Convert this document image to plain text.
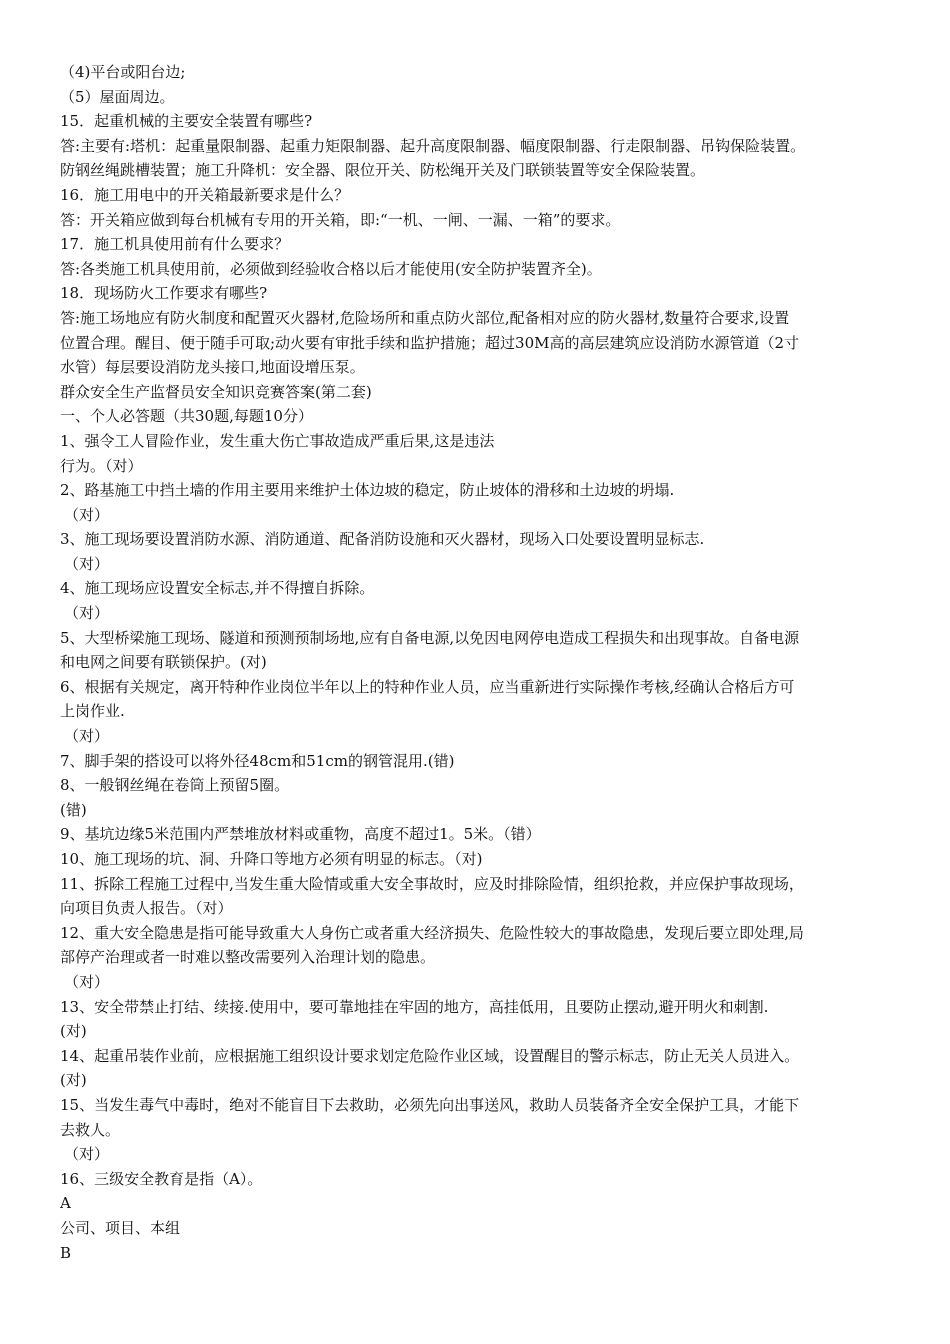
（4)平台或阳台边;
（5）屋面周边。
15．起重机械的主要安全装置有哪些?
答:主要有:塔机：起重量限制器、起重力矩限制器、起升高度限制器、幅度限制器、行走限制器、吊钩保险装置。
防钢丝绳跳槽装置；施工升降机：安全器、限位开关、防松绳开关及门联锁装置等安全保险装置。
16．施工用电中的开关箱最新要求是什么？
答：开关箱应做到每台机械有专用的开关箱，即:“一机、一闸、一漏、一箱”的要求。
17．施工机具使用前有什么要求？
答:各类施工机具使用前，必须做到经验收合格以后才能使用(安全防护装置齐全)。
18．现场防火工作要求有哪些?
答:施工场地应有防火制度和配置灭火器材,危险场所和重点防火部位,配备相对应的防火器材,数量符合要求,设置
位置合理。醒目、便于随手可取;动火要有审批手续和监护措施；超过30M高的高层建筑应设消防水源管道（2寸
水管）每层要设消防龙头接口,地面设增压泵。
群众安全生产监督员安全知识竞赛答案(第二套)
一、个人必答题（共30题,每题10分）
1、强令工人冒险作业，发生重大伤亡事故造成严重后果,这是违法
行为。（对）
2、路基施工中挡土墙的作用主要用来维护土体边坡的稳定，防止坡体的滑移和土边坡的坍塌.
（对）
3、施工现场要设置消防水源、消防通道、配备消防设施和灭火器材，现场入口处要设置明显标志.
（对）
4、施工现场应设置安全标志,并不得擅自拆除。
（对）
5、大型桥梁施工现场、隧道和预测预制场地,应有自备电源,以免因电网停电造成工程损失和出现事故。自备电源
和电网之间要有联锁保护。(对)
6、根据有关规定，离开特种作业岗位半年以上的特种作业人员，应当重新进行实际操作考核,经确认合格后方可
上岗作业.
（对）
7、脚手架的搭设可以将外径48cm和51cm的钢管混用.(错)
8、一般钢丝绳在卷筒上预留5圈。
(错)
9、基坑边缘5米范围内严禁堆放材料或重物，高度不超过1。5米。（错）
10、施工现场的坑、洞、升降口等地方必须有明显的标志。（对)
11、拆除工程施工过程中,当发生重大险情或重大安全事故时，应及时排除险情，组织抢救，并应保护事故现场，
向项目负责人报告。（对）
12、重大安全隐患是指可能导致重大人身伤亡或者重大经济损失、危险性较大的事故隐患，发现后要立即处理,局
部停产治理或者一时难以整改需要列入治理计划的隐患。
（对）
13、安全带禁止打结、续接.使用中，要可靠地挂在牢固的地方，高挂低用，且要防止摆动,避开明火和刺割.
(对)
14、起重吊装作业前，应根据施工组织设计要求划定危险作业区域，设置醒目的警示标志，防止无关人员进入。
(对)
15、当发生毒气中毒时，绝对不能盲目下去救助，必须先向出事送风，救助人员装备齐全安全保护工具，才能下
去救人。
（对）
16、三级安全教育是指（A）。
A
公司、项目、本组
B
